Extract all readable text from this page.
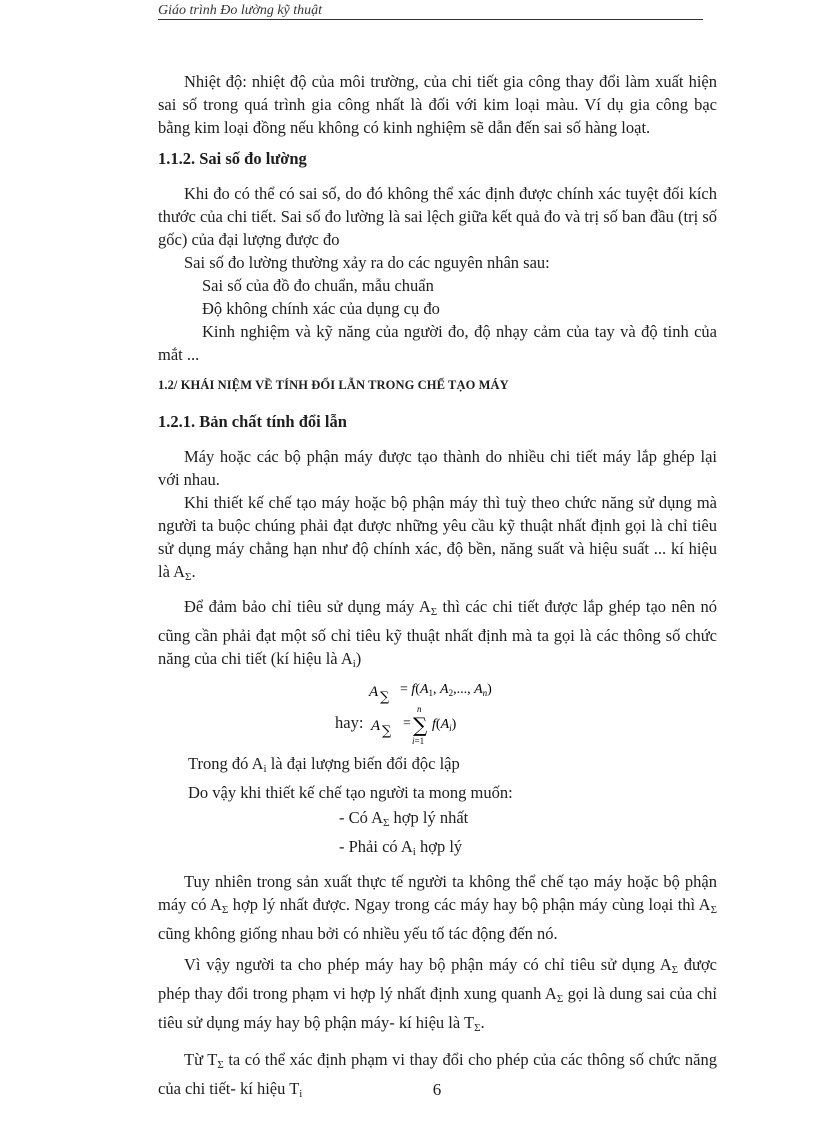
Giáo trình Đo lường kỹ thuật

Nhiệt độ: nhiệt độ của môi trường, của chi tiết gia công thay đổi làm xuất hiện sai số trong quá trình gia công nhất là đối với kim loại màu. Ví dụ gia công bạc bằng kim loại đồng nếu không có kinh nghiệm sẽ dẫn đến sai số hàng loạt.

1.1.2. Sai số đo lường

Khi đo có thể có sai số, do đó không thể xác định được chính xác tuyệt đối kích thước của chi tiết. Sai số đo lường là sai lệch giữa kết quả đo và trị số ban đầu (trị số gốc) của đại lượng được đo

Sai số đo lường thường xảy ra do các nguyên nhân sau:

Sai số của đồ đo chuẩn, mẫu chuẩn

Độ không chính xác của dụng cụ đo

Kinh nghiệm và kỹ năng của người đo, độ nhạy cảm của tay và độ tinh của mắt ...

1.2/ KHÁI NIỆM VỀ TÍNH ĐỔI LẪN TRONG CHẾ TẠO MÁY

1.2.1. Bản chất tính đổi lẫn

Máy hoặc các bộ phận máy được tạo thành do nhiều chi tiết máy lắp ghép lại với nhau.

Khi thiết kế chế tạo máy hoặc bộ phận máy thì tuỳ theo chức năng sử dụng mà người ta buộc chúng phải đạt được những yêu cầu kỹ thuật nhất định gọi là chỉ tiêu sử dụng máy chẳng hạn như độ chính xác, độ bền, năng suất và hiệu suất ... kí hiệu là $A_\Sigma$.

Để đảm bảo chỉ tiêu sử dụng máy $A_\Sigma$ thì các chi tiết được lắp ghép tạo nên nó cũng cần phải đạt một số chỉ tiêu kỹ thuật nhất định mà ta gọi là các thông số chức năng của chi tiết (kí hiệu là $A_i$)

A ∑
= $f(A_1$, $A_2$,..., $A_n$)
hay: A ∑
=
n
∑
i=1
$f(A_i)$

Trong đó $A_i$ là đại lượng biến đổi độc lập

Do vậy khi thiết kế chế tạo người ta mong muốn:

- Có $A_\Sigma$ hợp lý nhất

- Phải có $A_i$ hợp lý

Tuy nhiên trong sản xuất thực tế người ta không thể chế tạo máy hoặc bộ phận máy có $A_\Sigma$ hợp lý nhất được. Ngay trong các máy hay bộ phận máy cùng loại thì $A_\Sigma$ cũng không giống nhau bởi có nhiều yếu tố tác động đến nó.

Vì vậy người ta cho phép máy hay bộ phận máy có chỉ tiêu sử dụng $A_\Sigma$ được phép thay đổi trong phạm vi hợp lý nhất định xung quanh $A_\Sigma$ gọi là dung sai của chỉ tiêu sử dụng máy hay bộ phận máy- kí hiệu là $T_\Sigma$.

Từ $T_\Sigma$ ta có thể xác định phạm vi thay đổi cho phép của các thông số chức năng của chi tiết- kí hiệu $T_i$	6
